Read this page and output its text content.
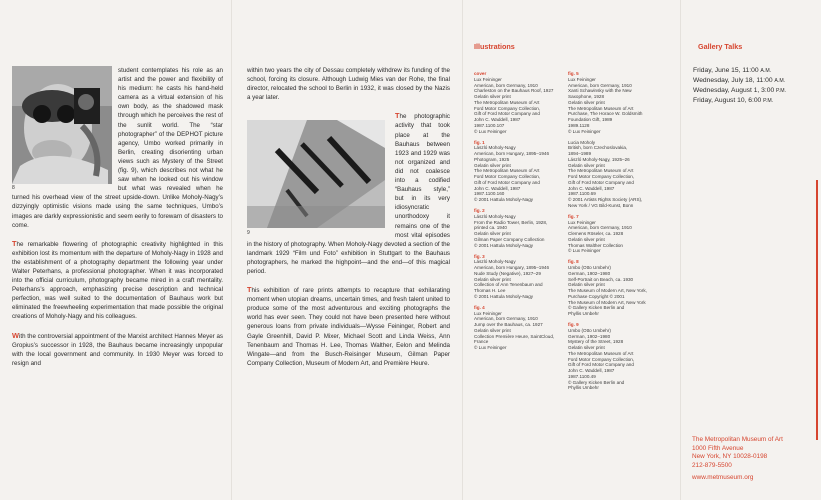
8

student contemplates his role as an artist and the power and flexibility of his medium: he casts his hand-held camera as a virtual extension of his own body, as the shadowed mask through which he perceives the rest of the sunlit world. The “star photographer” of the DEPHOT picture agency, Umbo worked primarily in Berlin, creating disorienting urban views such as Mystery of the Street (fig. 9), which describes not what he saw when he looked out his window but what was revealed when he turned his overhead view of the street upside-down. Unlike Moholy-Nagy’s dizzyingly optimistic visions made using the same techniques, Umbo’s images are darkly expressionistic and seem eerily to forewarn of disasters to come.

The remarkable flowering of photographic creativity highlighted in this exhibition lost its momentum with the departure of Moholy-Nagy in 1928 and the establishment of a photography department the following year under Walter Peterhans, a professional photographer. When it was incorporated into the official curriculum, photography became mired in a craft mentality. Peterhans’s approach, emphasizing precise description and technical perfection, was well suited to the documentation of Bauhaus work but eliminated the freewheeling experimentation that made possible the original creations of Moholy-Nagy and his colleagues.

With the controversial appointment of the Marxist architect Hannes Meyer as Gropius’s successor in 1928, the Bauhaus became increasingly unpopular with the local government and community. In 1930 Meyer was forced to resign and

within two years the city of Dessau completely withdrew its funding of the school, forcing its closure. Although Ludwig Mies van der Rohe, the final director, relocated the school to Berlin in 1932, it was closed by the Nazis a year later.

The photographic activity that took place at the Bauhaus between 1923 and 1929 was not organized and did not coalesce into a codified “Bauhaus style,” but in its very idiosyncratic unorthodoxy it remains one of the most vital episodes in the history of photography. When Moholy-Nagy devoted a section of the landmark 1929 “Film und Foto” exhibition in Stuttgart to the Bauhaus photographers, he marked the highpoint—and the end—of this magical period.

This exhibition of rare prints attempts to recapture that exhilarating moment when utopian dreams, uncertain times, and fresh talent united to produce some of the most adventurous and exciting photographs the world has ever seen. They could not have been presented here without generous loans from private individuals—Wysse Feininger, Robert and Gayle Greenhill, David P. Mixer, Michael Scott and Linda Weiss, Ann Tenenbaum and Thomas H. Lee, Thomas Walther, Eelon and Melinda Wingate—and from the Busch-Reisinger Museum, Gilman Paper Company Collection, Museum of Modern Art, and Première Heure.

9
Illustrations
cover
Lux Feininger
American, born Germany, 1910
Charleston on the Bauhaus Roof, 1927
Gelatin silver print
The Metropolitan Museum of Art
Ford Motor Company Collection,
Gift of Ford Motor Company and
John C. Waddell, 1987
1987.1100.107
© Lux Feininger
fig. 1
László Moholy-Nagy
American, born Hungary, 1895–1946
Photogram, 1925
Gelatin silver print
The Metropolitan Museum of Art
Ford Motor Company Collection,
Gift of Ford Motor Company and
John C. Waddell, 1987
1987.1100.160
© 2001 Hattula Moholy-Nagy
fig. 2
László Moholy-Nagy
From the Radio Tower, Berlin, 1928,
printed ca. 1940
Gelatin silver print
Gilman Paper Company Collection
© 2001 Hattula Moholy-Nagy
fig. 3
László Moholy-Nagy
American, born Hungary, 1895–1946
Nude Study (Negative), 1927–29
Gelatin silver print
Collection of Ann Tenenbaum and
Thomas H. Lee
© 2001 Hattula Moholy-Nagy
fig. 4
Lux Feininger
American, born Germany, 1910
Jump over the Bauhaus, ca. 1927
Gelatin silver print
Collection Première Heure, SaintCloud,
France
© Lux Feininger
fig. 5
Lux Feininger
American, born Germany, 1910
Xanti Schawinsky with the New
Saxophone, 1928
Gelatin silver print
The Metropolitan Museum of Art
Purchase, The Horace W. Goldsmith
Foundation Gift, 1989
1989.1128
© Lux Feininger
Lucia Moholy
British, born Czechoslovakia,
1894–1989
László Moholy-Nagy, 1925–26
Gelatin silver print
The Metropolitan Museum of Art
Ford Motor Company Collection,
Gift of Ford Motor Company and
John C. Waddell, 1987
1987.1100.69
© 2001 Artists Rights Society (ARS),
New York / VG Bild-Kunst, Bonn
fig. 7
Lux Feininger
American, born Germany, 1910
Clemens Röseler, ca. 1928
Gelatin silver print
Thomas Walther Collection
© Lux Feininger
fig. 8
Umbo (Otto Umbehr)
German, 1902–1980
Self-Portrait on Beach, ca. 1930
Gelatin silver print
The Museum of Modern Art, New York,
Purchase Copyright © 2001
The Museum of Modern Art, New York
© Gallery Kicken Berlin and
Phyllis Umbehr
fig. 9
Umbo (Otto Umbehr)
German, 1902–1980
Mystery of the Street, 1928
Gelatin silver print
The Metropolitan Museum of Art
Ford Motor Company Collection,
Gift of Ford Motor Company and
John C. Waddell, 1987
1987.1100.49
© Gallery Kicken Berlin and
Phyllis Umbehr
Gallery Talks
Friday, June 15, 11:00 A.M.
Wednesday, July 18, 11:00 A.M.
Wednesday, August 1, 3:00 P.M.
Friday, August 10, 6:00 P.M.
The Metropolitan Museum of Art
1000 Fifth Avenue
New York, NY 10028-0198
212-879-5500
www.metmuseum.org
